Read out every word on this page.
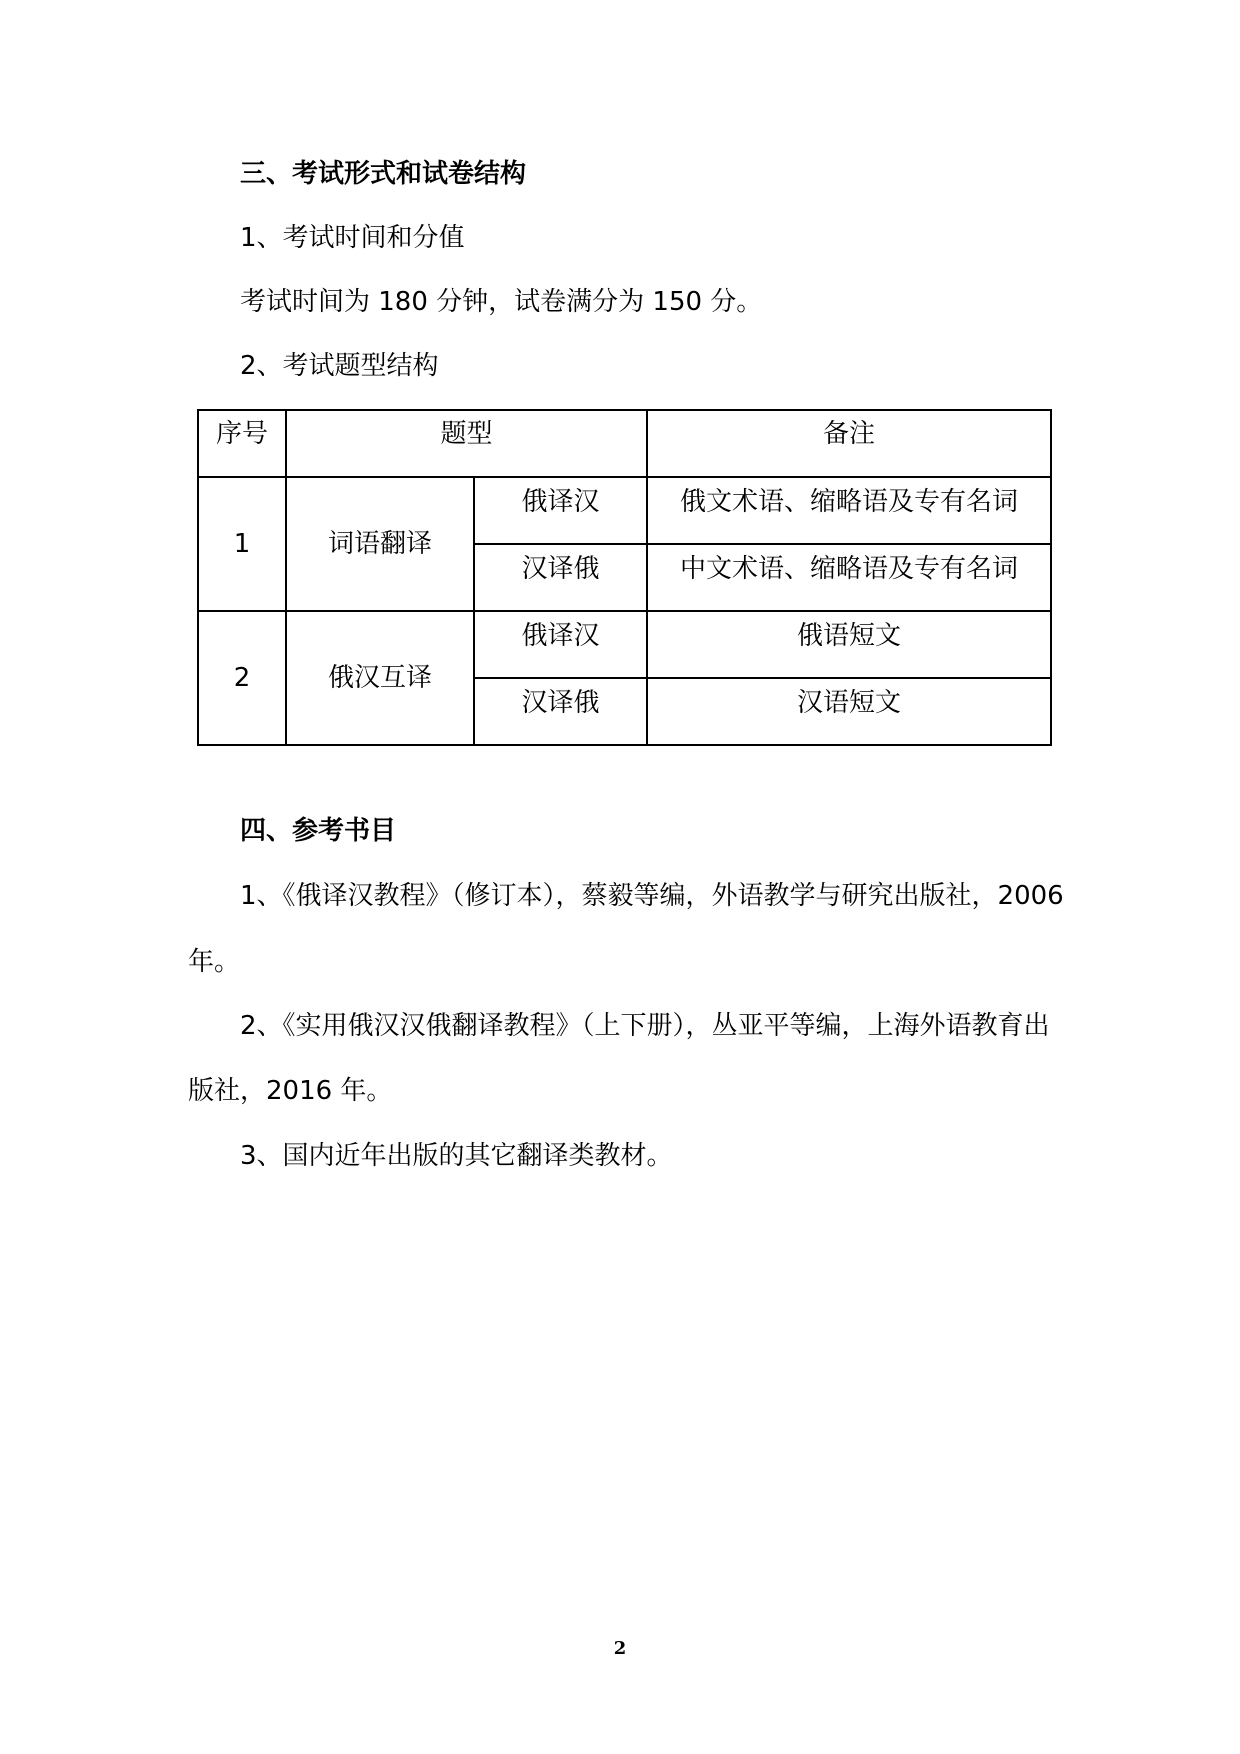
三、考试形式和试卷结构
1、考试时间和分值
考试时间为 180 分钟，试卷满分为 150 分。
2、考试题型结构
序号	题型		备注
1	词语翻译	俄译汉	俄文术语、缩略语及专有名词
		汉译俄	中文术语、缩略语及专有名词
2	俄汉互译	俄译汉	俄语短文
		汉译俄	汉语短文
四、参考书目
1、《俄译汉教程》（修订本），蔡毅等编，外语教学与研究出版社，2006
年。
2、《实用俄汉汉俄翻译教程》（上下册），丛亚平等编，上海外语教育出
版社，2016 年。
3、国内近年出版的其它翻译类教材。
2
